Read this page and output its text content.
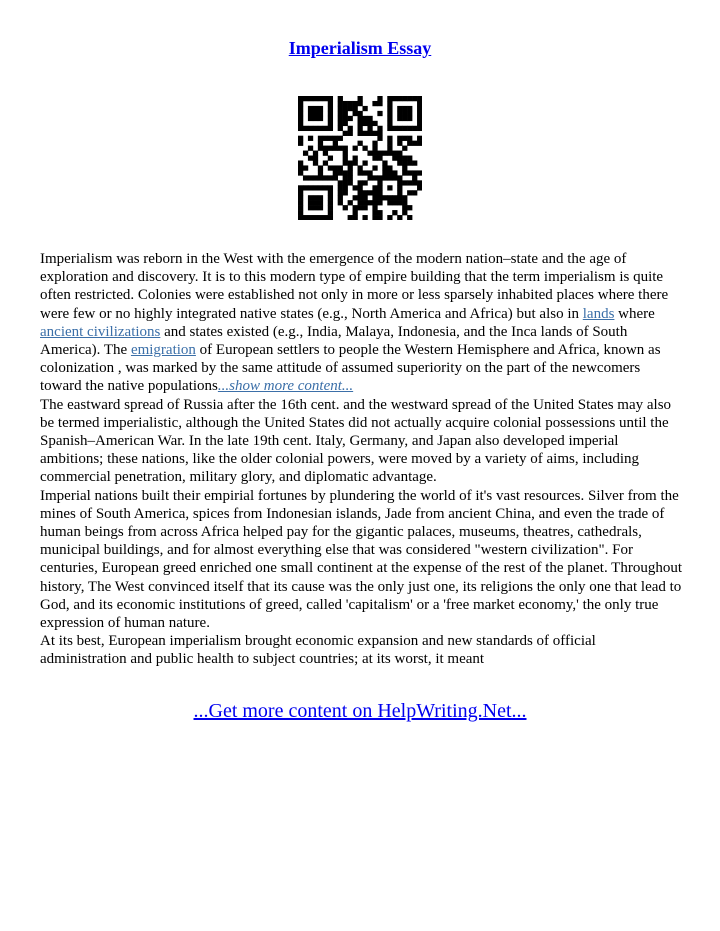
Imperialism Essay

Imperialism was reborn in the West with the emergence of the modern nation–state and the age of exploration and discovery. It is to this modern type of empire building that the term imperialism is quite often restricted. Colonies were established not only in more or less sparsely inhabited places where there were few or no highly integrated native states (e.g., North America and Africa) but also in lands where ancient civilizations and states existed (e.g., India, Malaya, Indonesia, and the Inca lands of South America). The emigration of European settlers to people the Western Hemisphere and Africa, known as colonization , was marked by the same attitude of assumed superiority on the part of the newcomers toward the native populations...show more content...

The eastward spread of Russia after the 16th cent. and the westward spread of the United States may also be termed imperialistic, although the United States did not actually acquire colonial possessions until the Spanish–American War. In the late 19th cent. Italy, Germany, and Japan also developed imperial ambitions; these nations, like the older colonial powers, were moved by a variety of aims, including commercial penetration, military glory, and diplomatic advantage.

Imperial nations built their empirial fortunes by plundering the world of it's vast resources. Silver from the mines of South America, spices from Indonesian islands, Jade from ancient China, and even the trade of human beings from across Africa helped pay for the gigantic palaces, museums, theatres, cathedrals, municipal buildings, and for almost everything else that was considered "western civilization". For centuries, European greed enriched one small continent at the expense of the rest of the planet. Throughout history, The West convinced itself that its cause was the only just one, its religions the only one that lead to God, and its economic institutions of greed, called 'capitalism' or a 'free market economy,' the only true expression of human nature.

At its best, European imperialism brought economic expansion and new standards of official administration and public health to subject countries; at its worst, it meant

...Get more content on HelpWriting.Net...
